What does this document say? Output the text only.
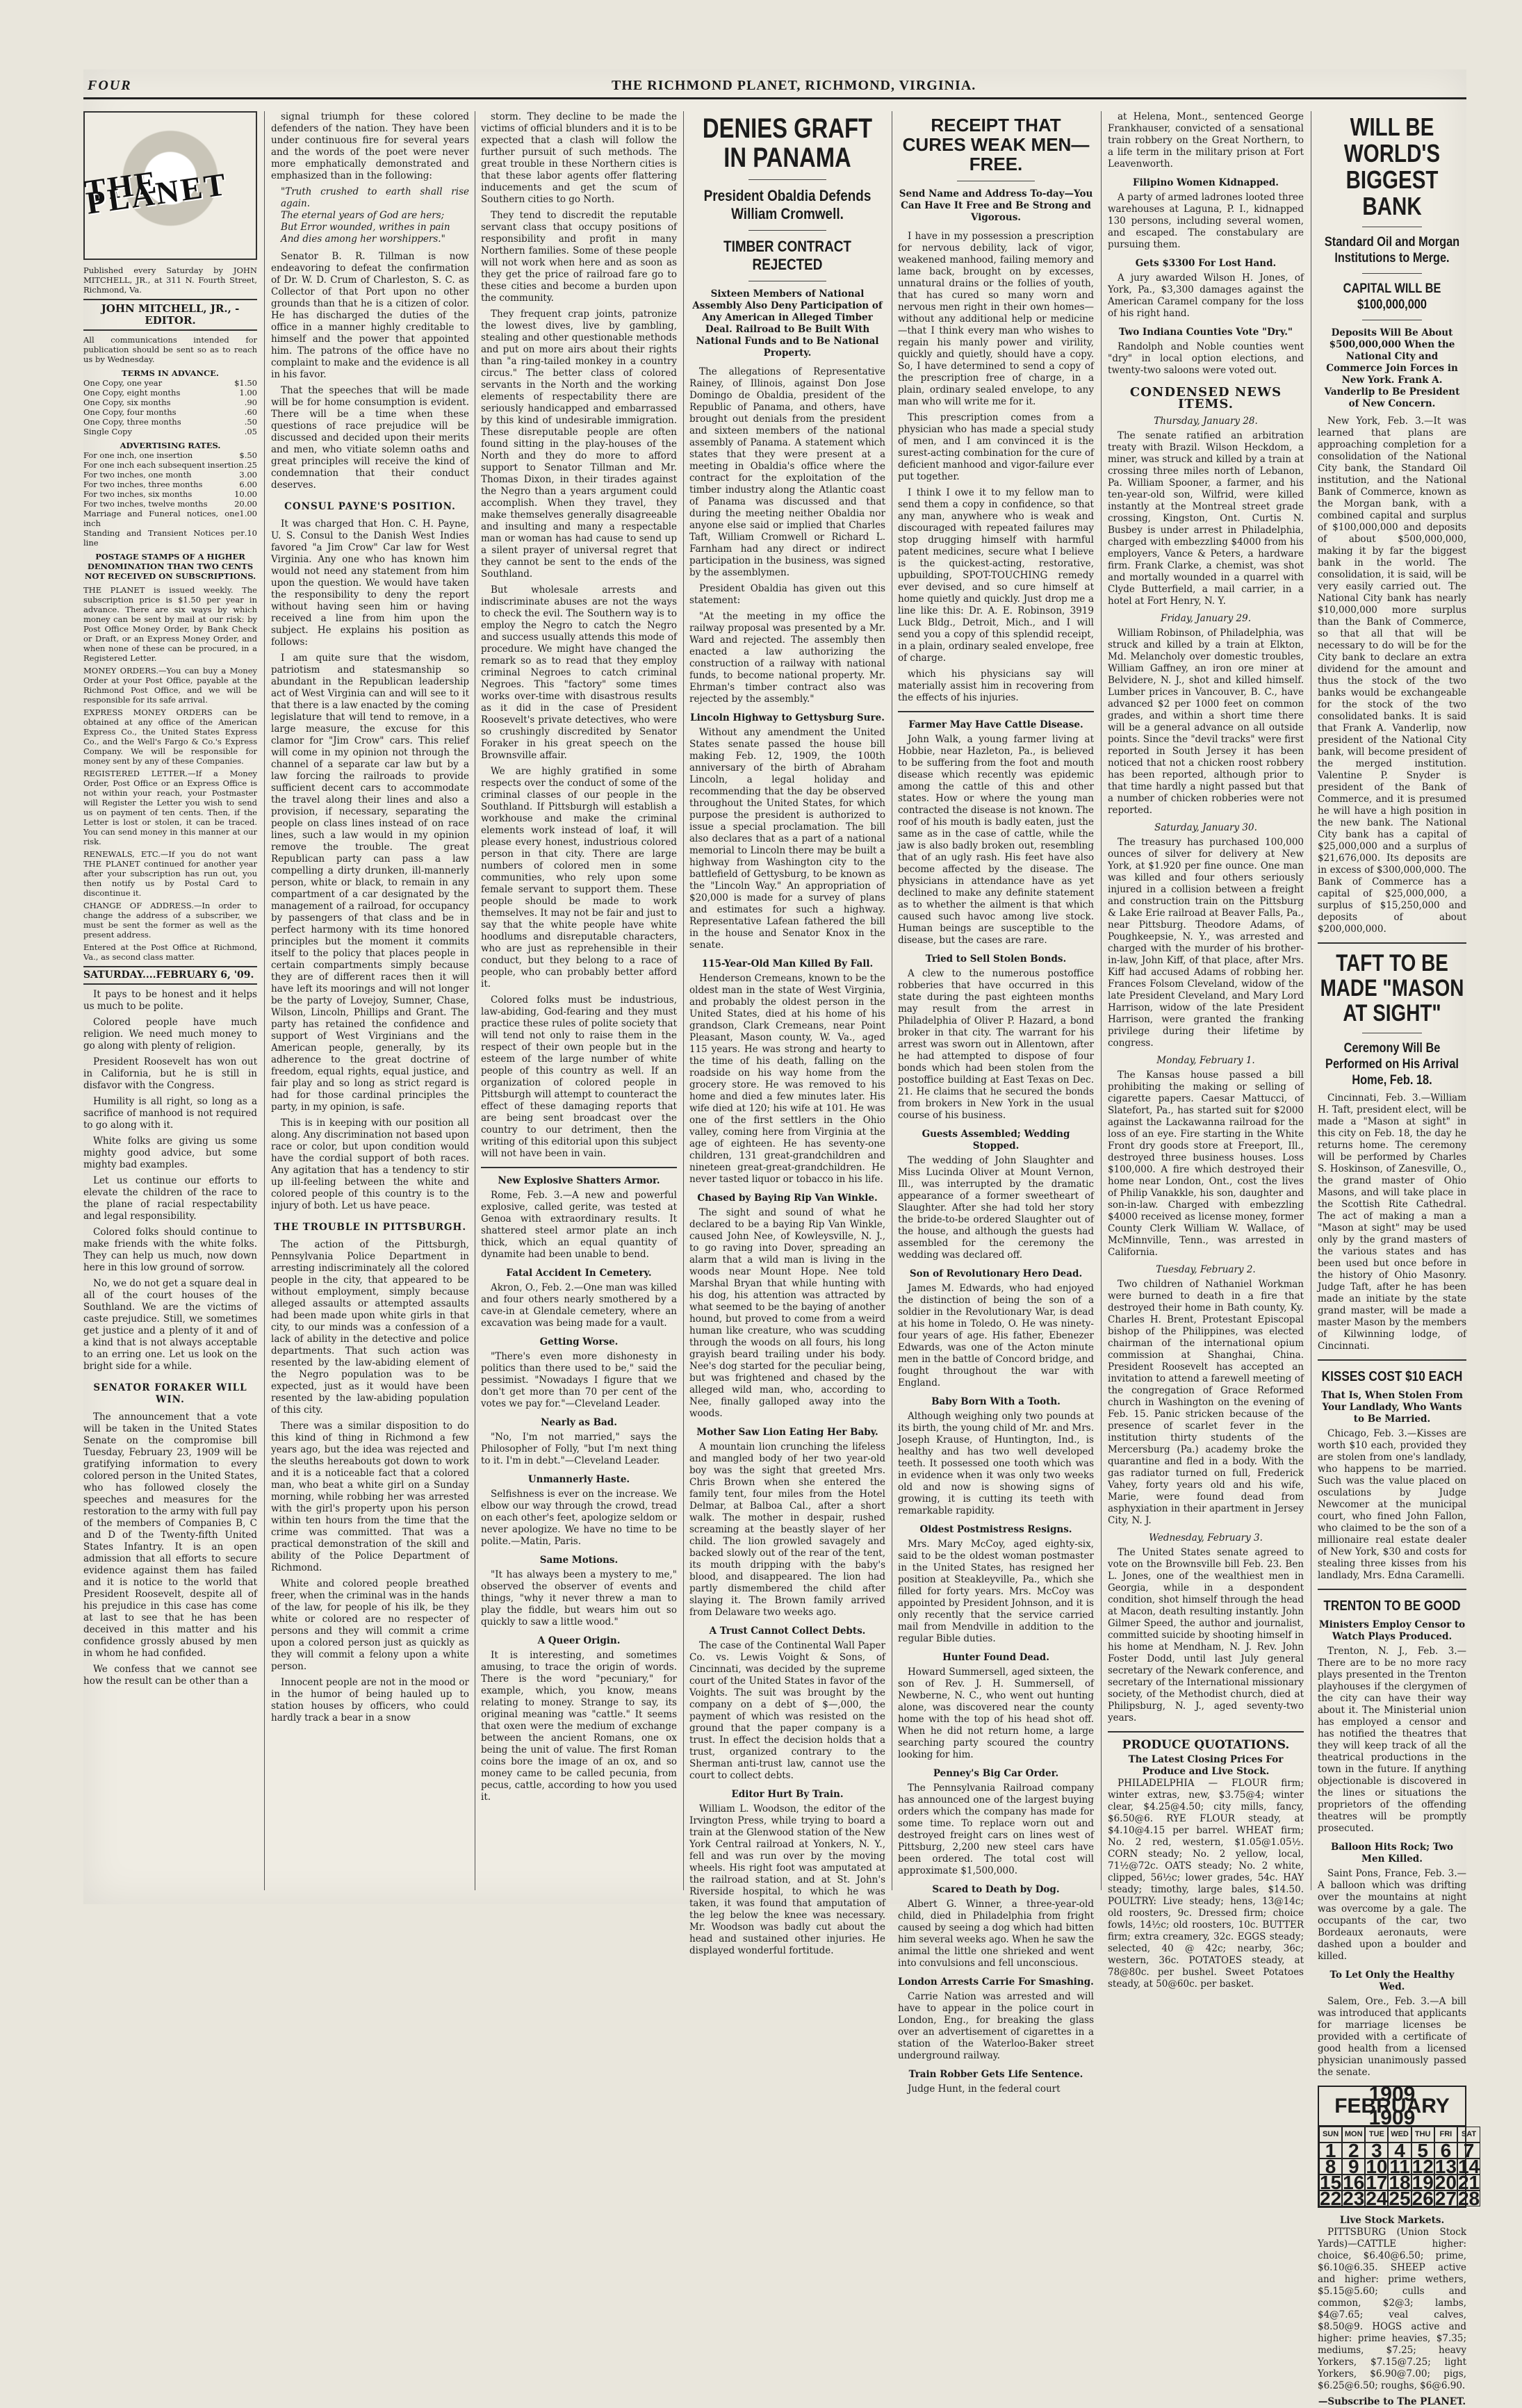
FOUR	THE RICHMOND PLANET, RICHMOND, VIRGINIA.
THE PLANET
Published every Saturday by JOHN MITCHELL, JR., at 311 N. Fourth Street, Richmond, Va.
JOHN MITCHELL, JR., - EDITOR.
All communications intended for publication should be sent so as to reach us by Wednesday.
TERMS IN ADVANCE.
One Copy, one year	$1.50
One Copy, eight months	1.00
One Copy, six months	.90
One Copy, four months	.60
One Copy, three months	.50
Single Copy	.05
ADVERTISING RATES.
For one inch, one insertion	$.50
For one inch each subsequent insertion .25
For two inches, one month	3.00
For two inches, three months	6.00
For two inches, six months	10.00
For two inches, twelve months	20.00
Marriage and Funeral notices, one inch
1.00
Standing and Transient Notices per line
.10
POSTAGE STAMPS OF A HIGHER DENOMINATION THAN TWO CENTS NOT RECEIVED ON SUBSCRIPTIONS.
THE PLANET is issued weekly. The subscription price is $1.50 per year in advance. There are six ways by which money can be sent by mail at our risk: by Post Office Money Order, by Bank Check or Draft, or an Express Money Order, and when none of these can be procured, in a Registered Letter.
MONEY ORDERS.—You can buy a Money Order at your Post Office, payable at the Richmond Post Office, and we will be responsible for its safe arrival.
EXPRESS MONEY ORDERS can be obtained at any office of the American Express Co., the United States Express Co., and the Well's Fargo & Co.'s Express Company. We will be responsible for money sent by any of these Companies.
REGISTERED LETTER.—If a Money Order, Post Office or an Express Office is not within your reach, your Postmaster will Register the Letter you wish to send us on payment of ten cents. Then, if the Letter is lost or stolen, it can be traced. You can send money in this manner at our risk.
RENEWALS, ETC.—If you do not want THE PLANET continued for another year after your subscription has run out, you then notify us by Postal Card to discontinue it.
CHANGE OF ADDRESS.—In order to change the address of a subscriber, we must be sent the former as well as the present address.
Entered at the Post Office at Richmond, Va., as second class matter.
SATURDAY....FEBRUARY 6, '09.

It pays to be honest and it helps us much to be polite.

Colored people have much religion. We need much money to go along with plenty of religion.

President Roosevelt has won out in California, but he is still in disfavor with the Congress.

Humility is all right, so long as a sacrifice of manhood is not required to go along with it.

White folks are giving us some mighty good advice, but some mighty bad examples.

Let us continue our efforts to elevate the children of the race to the plane of racial respectability and legal responsibility.

Colored folks should continue to make friends with the white folks. They can help us much, now down here in this low ground of sorrow.

No, we do not get a square deal in all of the court houses of the Southland. We are the victims of caste prejudice. Still, we sometimes get justice and a plenty of it and of a kind that is not always acceptable to an erring one. Let us look on the bright side for a while.

SENATOR FORAKER WILL WIN.

The announcement that a vote will be taken in the United States Senate on the compromise bill Tuesday, February 23, 1909 will be gratifying information to every colored person in the United States, who has followed closely the speeches and measures for the restoration to the army with full pay of the members of Companies B, C and D of the Twenty-fifth United States Infantry. It is an open admission that all efforts to secure evidence against them has failed and it is notice to the world that President Roosevelt, despite all of his prejudice in this case has come at last to see that he has been deceived in this matter and his confidence grossly abused by men in whom he had confided.

We confess that we cannot see how the result can be other than a

signal triumph for these colored defenders of the nation. They have been under continuous fire for several years and the words of the poet were never more emphatically demonstrated and emphasized than in the following:

"Truth crushed to earth shall rise again.
The eternal years of God are hers;
But Error wounded, writhes in pain
And dies among her worshippers."

Senator B. R. Tillman is now endeavoring to defeat the confirmation of Dr. W. D. Crum of Charleston, S. C. as Collector of that Port upon no other grounds than that he is a citizen of color. He has discharged the duties of the office in a manner highly creditable to himself and the power that appointed him. The patrons of the office have no complaint to make and the evidence is all in his favor.

That the speeches that will be made will be for home consumption is evident. There will be a time when these questions of race prejudice will be discussed and decided upon their merits and men, who vitiate solemn oaths and great principles will receive the kind of condemnation that their conduct deserves.

CONSUL PAYNE'S POSITION.

It was charged that Hon. C. H. Payne, U. S. Consul to the Danish West Indies favored "a Jim Crow" Car law for West Virginia. Any one who has known him would not need any statement from him upon the question. We would have taken the responsibility to deny the report without having seen him or having received a line from him upon the subject. He explains his position as follows:

I am quite sure that the wisdom, patriotism and statesmanship so abundant in the Republican leadership act of West Virginia can and will see to it that there is a law enacted by the coming legislature that will tend to remove, in a large measure, the excuse for this clamor for "Jim Crow" cars. This relief will come in my opinion not through the channel of a separate car law but by a law forcing the railroads to provide sufficient decent cars to accommodate the travel along their lines and also a provision, if necessary, separating the people on class lines instead of on race lines, such a law would in my opinion remove the trouble. The great Republican party can pass a law compelling a dirty drunken, ill-mannerly person, white or black, to remain in any compartment of a car designated by the management of a railroad, for occupancy by passengers of that class and be in perfect harmony with its time honored principles but the moment it commits itself to the policy that places people in certain compartments simply because they are of different races then it will have left its moorings and will not longer be the party of Lovejoy, Sumner, Chase, Wilson, Lincoln, Phillips and Grant. The party has retained the confidence and support of West Virginians and the American people, generally, by its adherence to the great doctrine of freedom, equal rights, equal justice, and fair play and so long as strict regard is had for those cardinal principles the party, in my opinion, is safe.

This is in keeping with our position all along. Any discrimination not based upon race or color, but upon condition would have the cordial support of both races. Any agitation that has a tendency to stir up ill-feeling between the white and colored people of this country is to the injury of both. Let us have peace.

THE TROUBLE IN PITTSBURGH.

The action of the Pittsburgh, Pennsylvania Police Department in arresting indiscriminately all the colored people in the city, that appeared to be without employment, simply because alleged assaults or attempted assaults had been made upon white girls in that city, to our minds was a confession of a lack of ability in the detective and police departments. That such action was resented by the law-abiding element of the Negro population was to be expected, just as it would have been resented by the law-abiding population of this city.

There was a similar disposition to do this kind of thing in Richmond a few years ago, but the idea was rejected and the sleuths hereabouts got down to work and it is a noticeable fact that a colored man, who beat a white girl on a Sunday morning, while robbing her was arrested with the girl's property upon his person within ten hours from the time that the crime was committed. That was a practical demonstration of the skill and ability of the Police Department of Richmond.

White and colored people breathed freer, when the criminal was in the hands of the law, for people of his ilk, be they white or colored are no respecter of persons and they will commit a crime upon a colored person just as quickly as they will commit a felony upon a white person.

Innocent people are not in the mood or in the humor of being hauled up to station houses by officers, who could hardly track a bear in a snow

storm. They decline to be made the victims of official blunders and it is to be expected that a clash will follow the further pursuit of such methods. The great trouble in these Northern cities is that these labor agents offer flattering inducements and get the scum of Southern cities to go North.

They tend to discredit the reputable servant class that occupy positions of responsibility and profit in many Northern families. Some of these people will not work when here and as soon as they get the price of railroad fare go to these cities and become a burden upon the community.

They frequent crap joints, patronize the lowest dives, live by gambling, stealing and other questionable methods and put on more airs about their rights than "a ring-tailed monkey in a country circus." The better class of colored servants in the North and the working elements of respectability there are seriously handicapped and embarrassed by this kind of undesirable immigration. These disreputable people are often found sitting in the play-houses of the North and they do more to afford support to Senator Tillman and Mr. Thomas Dixon, in their tirades against the Negro than a years argument could accomplish. When they travel, they make themselves generally disagreeable and insulting and many a respectable man or woman has had cause to send up a silent prayer of universal regret that they cannot be sent to the ends of the Southland.

But wholesale arrests and indiscriminate abuses are not the ways to check the evil. The Southern way is to employ the Negro to catch the Negro and success usually attends this mode of procedure. We might have changed the remark so as to read that they employ criminal Negroes to catch criminal Negroes. This "factory" some times works over-time with disastrous results as it did in the case of President Roosevelt's private detectives, who were so crushingly discredited by Senator Foraker in his great speech on the Brownsville affair.

We are highly gratified in some respects over the conduct of some of the criminal classes of our people in the Southland. If Pittsburgh will establish a workhouse and make the criminal elements work instead of loaf, it will please every honest, industrious colored person in that city. There are large numbers of colored men in some communities, who rely upon some female servant to support them. These people should be made to work themselves. It may not be fair and just to say that the white people have white hoodlums and disreputable characters, who are just as reprehensible in their conduct, but they belong to a race of people, who can probably better afford it.

Colored folks must be industrious, law-abiding, God-fearing and they must practice these rules of polite society that will tend not only to raise them in the respect of their own people but in the esteem of the large number of white people of this country as well. If an organization of colored people in Pittsburgh will attempt to counteract the effect of these damaging reports that are being sent broadcast over the country to our detriment, then the writing of this editorial upon this subject will not have been in vain.

New Explosive Shatters Armor.

Rome, Feb. 3.—A new and powerful explosive, called gerite, was tested at Genoa with extraordinary results. It shattered steel armor plate an inch thick, which an equal quantity of dynamite had been unable to bend.

Fatal Accident In Cemetery.

Akron, O., Feb. 2.—One man was killed and four others nearly smothered by a cave-in at Glendale cemetery, where an excavation was being made for a vault.

Getting Worse.

"There's even more dishonesty in politics than there used to be," said the pessimist. "Nowadays I figure that we don't get more than 70 per cent of the votes we pay for."—Cleveland Leader.

Nearly as Bad.

"No, I'm not married," says the Philosopher of Folly, "but I'm next thing to it. I'm in debt."—Cleveland Leader.

Unmannerly Haste.

Selfishness is ever on the increase. We elbow our way through the crowd, tread on each other's feet, apologize seldom or never apologize. We have no time to be polite.—Matin, Paris.

Same Motions.

"It has always been a mystery to me," observed the observer of events and things, "why it never threw a man to play the fiddle, but wears him out so quickly to saw a little wood."

A Queer Origin.

It is interesting, and sometimes amusing, to trace the origin of words. There is the word "pecuniary," for example, which, you know, means relating to money. Strange to say, its original meaning was "cattle." It seems that oxen were the medium of exchange between the ancient Romans, one ox being the unit of value. The first Roman coins bore the image of an ox, and so money came to be called pecunia, from pecus, cattle, according to how you used it.

DENIES GRAFT IN PANAMA
President Obaldia Defends William Cromwell.
TIMBER CONTRACT REJECTED
Sixteen Members of National Assembly Also Deny Participation of Any American in Alleged Timber Deal. Railroad to Be Built With National Funds and to Be National Property.

The allegations of Representative Rainey, of Illinois, against Don Jose Domingo de Obaldia, president of the Republic of Panama, and others, have brought out denials from the president and sixteen members of the national assembly of Panama. A statement which states that they were present at a meeting in Obaldia's office where the contract for the exploitation of the timber industry along the Atlantic coast of Panama was discussed and that during the meeting neither Obaldia nor anyone else said or implied that Charles Taft, William Cromwell or Richard L. Farnham had any direct or indirect participation in the business, was signed by the assemblymen.

President Obaldia has given out this statement:

"At the meeting in my office the railway proposal was presented by a Mr. Ward and rejected. The assembly then enacted a law authorizing the construction of a railway with national funds, to become national property. Mr. Ehrman's timber contract also was rejected by the assembly."

Lincoln Highway to Gettysburg Sure.

Without any amendment the United States senate passed the house bill making Feb. 12, 1909, the 100th anniversary of the birth of Abraham Lincoln, a legal holiday and recommending that the day be observed throughout the United States, for which purpose the president is authorized to issue a special proclamation. The bill also declares that as a part of a national memorial to Lincoln there may be built a highway from Washington city to the battlefield of Gettysburg, to be known as the "Lincoln Way." An appropriation of $20,000 is made for a survey of plans and estimates for such a highway. Representative Lafean fathered the bill in the house and Senator Knox in the senate.

115-Year-Old Man Killed By Fall.

Henderson Cremeans, known to be the oldest man in the state of West Virginia, and probably the oldest person in the United States, died at his home of his grandson, Clark Cremeans, near Point Pleasant, Mason county, W. Va., aged 115 years. He was strong and hearty to the time of his death, falling on the roadside on his way home from the grocery store. He was removed to his home and died a few minutes later. His wife died at 120; his wife at 101. He was one of the first settlers in the Ohio valley, coming here from Virginia at the age of eighteen. He has seventy-one children, 131 great-grandchildren and nineteen great-great-grandchildren. He never tasted liquor or tobacco in his life.

Chased by Baying Rip Van Winkle.

The sight and sound of what he declared to be a baying Rip Van Winkle, caused John Nee, of Kowleysville, N. J., to go raving into Dover, spreading an alarm that a wild man is living in the woods near Mount Hope. Nee told Marshal Bryan that while hunting with his dog, his attention was attracted by what seemed to be the baying of another hound, but proved to come from a weird human like creature, who was scudding through the woods on all fours, his long grayish beard trailing under his body. Nee's dog started for the peculiar being, but was frightened and chased by the alleged wild man, who, according to Nee, finally galloped away into the woods.

Mother Saw Lion Eating Her Baby.

A mountain lion crunching the lifeless and mangled body of her two year-old boy was the sight that greeted Mrs. Chris Brown when she entered the family tent, four miles from the Hotel Delmar, at Balboa Cal., after a short walk. The mother in despair, rushed screaming at the beastly slayer of her child. The lion growled savagely and backed slowly out of the rear of the tent, its mouth dripping with the baby's blood, and disappeared. The lion had partly dismembered the child after slaying it. The Brown family arrived from Delaware two weeks ago.

A Trust Cannot Collect Debts.

The case of the Continental Wall Paper Co. vs. Lewis Voight & Sons, of Cincinnati, was decided by the supreme court of the United States in favor of the Voights. The suit was brought by the company on a debt of $—,000, the payment of which was resisted on the ground that the paper company is a trust. In effect the decision holds that a trust, organized contrary to the Sherman anti-trust law, cannot use the court to collect debts.

Editor Hurt By Train.

William L. Woodson, the editor of the Irvington Press, while trying to board a train at the Glenwood station of the New York Central railroad at Yonkers, N. Y., fell and was run over by the moving wheels. His right foot was amputated at the railroad station, and at St. John's Riverside hospital, to which he was taken, it was found that amputation of the leg below the knee was necessary. Mr. Woodson was badly cut about the head and sustained other injuries. He displayed wonderful fortitude.

RECEIPT THAT CURES WEAK MEN—FREE.
Send Name and Address To-day—You Can Have It Free and Be Strong and Vigorous.

I have in my possession a prescription for nervous debility, lack of vigor, weakened manhood, failing memory and lame back, brought on by excesses, unnatural drains or the follies of youth, that has cured so many worn and nervous men right in their own homes—without any additional help or medicine—that I think every man who wishes to regain his manly power and virility, quickly and quietly, should have a copy. So, I have determined to send a copy of the prescription free of charge, in a plain, ordinary sealed envelope, to any man who will write me for it.

This prescription comes from a physician who has made a special study of men, and I am convinced it is the surest-acting combination for the cure of deficient manhood and vigor-failure ever put together.

I think I owe it to my fellow man to send them a copy in confidence, so that any man, anywhere who is weak and discouraged with repeated failures may stop drugging himself with harmful patent medicines, secure what I believe is the quickest-acting, restorative, upbuilding, SPOT-TOUCHING remedy ever devised, and so cure himself at home quietly and quickly. Just drop me a line like this: Dr. A. E. Robinson, 3919 Luck Bldg., Detroit, Mich., and I will send you a copy of this splendid receipt, in a plain, ordinary sealed envelope, free of charge.

which his physicians say will materially assist him in recovering from the effects of his injuries.

Farmer May Have Cattle Disease.

John Walk, a young farmer living at Hobbie, near Hazleton, Pa., is believed to be suffering from the foot and mouth disease which recently was epidemic among the cattle of this and other states. How or where the young man contracted the disease is not known. The roof of his mouth is badly eaten, just the same as in the case of cattle, while the jaw is also badly broken out, resembling that of an ugly rash. His feet have also become affected by the disease. The physicians in attendance have as yet declined to make any definite statement as to whether the ailment is that which caused such havoc among live stock. Human beings are susceptible to the disease, but the cases are rare.

Tried to Sell Stolen Bonds.

A clew to the numerous postoffice robberies that have occurred in this state during the past eighteen months may result from the arrest in Philadelphia of Oliver P. Hazard, a bond broker in that city. The warrant for his arrest was sworn out in Allentown, after he had attempted to dispose of four bonds which had been stolen from the postoffice building at East Texas on Dec. 21. He claims that he secured the bonds from brokers in New York in the usual course of his business.

Guests Assembled; Wedding Stopped.

The wedding of John Slaughter and Miss Lucinda Oliver at Mount Vernon, Ill., was interrupted by the dramatic appearance of a former sweetheart of Slaughter. After she had told her story the bride-to-be ordered Slaughter out of the house, and although the guests had assembled for the ceremony the wedding was declared off.

Son of Revolutionary Hero Dead.

James M. Edwards, who had enjoyed the distinction of being the son of a soldier in the Revolutionary War, is dead at his home in Toledo, O. He was ninety-four years of age. His father, Ebenezer Edwards, was one of the Acton minute men in the battle of Concord bridge, and fought throughout the war with England.

Baby Born With a Tooth.

Although weighing only two pounds at its birth, the young child of Mr. and Mrs. Joseph Krause, of Huntington, Ind., is healthy and has two well developed teeth. It possessed one tooth which was in evidence when it was only two weeks old and now is showing signs of growing, it is cutting its teeth with remarkable rapidity.

Oldest Postmistress Resigns.

Mrs. Mary McCoy, aged eighty-six, said to be the oldest woman postmaster in the United States, has resigned her position at Steakleyville, Pa., which she filled for forty years. Mrs. McCoy was appointed by President Johnson, and it is only recently that the service carried mail from Mendville in addition to the regular Bible duties.

Hunter Found Dead.

Howard Summersell, aged sixteen, the son of Rev. J. H. Summersell, of Newberne, N. C., who went out hunting alone, was discovered near the county home with the top of his head shot off. When he did not return home, a large searching party scoured the country looking for him.

Penney's Big Car Order.

The Pennsylvania Railroad company has announced one of the largest buying orders which the company has made for some time. To replace worn out and destroyed freight cars on lines west of Pittsburg, 2,200 new steel cars have been ordered. The total cost will approximate $1,500,000.

Scared to Death by Dog.

Albert G. Winner, a three-year-old child, died in Philadelphia from fright caused by seeing a dog which had bitten him several weeks ago. When he saw the animal the little one shrieked and went into convulsions and fell unconscious.

London Arrests Carrie For Smashing.

Carrie Nation was arrested and will have to appear in the police court in London, Eng., for breaking the glass over an advertisement of cigarettes in a station of the Waterloo-Baker street underground railway.

Train Robber Gets Life Sentence.

Judge Hunt, in the federal court

at Helena, Mont., sentenced George Frankhauser, convicted of a sensational train robbery on the Great Northern, to a life term in the military prison at Fort Leavenworth.

Filipino Women Kidnapped.

A party of armed ladrones looted three warehouses at Laguna, P. I., kidnapped 130 persons, including several women, and escaped. The constabulary are pursuing them.

Gets $3300 For Lost Hand.

A jury awarded Wilson H. Jones, of York, Pa., $3,300 damages against the American Caramel company for the loss of his right hand.

Two Indiana Counties Vote "Dry."

Randolph and Noble counties went "dry" in local option elections, and twenty-two saloons were voted out.

CONDENSED NEWS ITEMS.
Thursday, January 28.

The senate ratified an arbitration treaty with Brazil. Wilson Heckdom, a miner, was struck and killed by a train at crossing three miles north of Lebanon, Pa. William Spooner, a farmer, and his ten-year-old son, Wilfrid, were killed instantly at the Montreal street grade crossing, Kingston, Ont. Curtis N. Busbey is under arrest in Philadelphia, charged with embezzling $4000 from his employers, Vance & Peters, a hardware firm. Frank Clarke, a chemist, was shot and mortally wounded in a quarrel with Clyde Butterfield, a mail carrier, in a hotel at Fort Henry, N. Y.

Friday, January 29.

William Robinson, of Philadelphia, was struck and killed by a train at Elkton, Md. Melancholy over domestic troubles, William Gaffney, an iron ore miner at Belvidere, N. J., shot and killed himself. Lumber prices in Vancouver, B. C., have advanced $2 per 1000 feet on common grades, and within a short time there will be a general advance on all outside points. Since the "devil tracks" were first reported in South Jersey it has been noticed that not a chicken roost robbery has been reported, although prior to that time hardly a night passed but that a number of chicken robberies were not reported.

Saturday, January 30.

The treasury has purchased 100,000 ounces of silver for delivery at New York, at $1.920 per fine ounce. One man was killed and four others seriously injured in a collision between a freight and construction train on the Pittsburg & Lake Erie railroad at Beaver Falls, Pa., near Pittsburg. Theodore Adams, of Poughkeepsie, N. Y., was arrested and charged with the murder of his brother-in-law, John Kiff, of that place, after Mrs. Kiff had accused Adams of robbing her. Frances Folsom Cleveland, widow of the late President Cleveland, and Mary Lord Harrison, widow of the late President Harrison, were granted the franking privilege during their lifetime by congress.

Monday, February 1.

The Kansas house passed a bill prohibiting the making or selling of cigarette papers. Caesar Mattucci, of Slatefort, Pa., has started suit for $2000 against the Lackawanna railroad for the loss of an eye. Fire starting in the White Front dry goods store at Freeport, Ill., destroyed three business houses. Loss $100,000. A fire which destroyed their home near London, Ont., cost the lives of Philip Vanakkle, his son, daughter and son-in-law. Charged with embezzling $4000 received as license money, former County Clerk William W. Wallace, of McMinnville, Tenn., was arrested in California.

Tuesday, February 2.

Two children of Nathaniel Workman were burned to death in a fire that destroyed their home in Bath county, Ky. Charles H. Brent, Protestant Episcopal bishop of the Philippines, was elected chairman of the international opium commission at Shanghai, China. President Roosevelt has accepted an invitation to attend a farewell meeting of the congregation of Grace Reformed church in Washington on the evening of Feb. 15. Panic stricken because of the presence of scarlet fever in the institution thirty students of the Mercersburg (Pa.) academy broke the quarantine and fled in a body. With the gas radiator turned on full, Frederick Vahey, forty years old and his wife, Marie, were found dead from asphyxiation in their apartment in Jersey City, N. J.

Wednesday, February 3.

The United States senate agreed to vote on the Brownsville bill Feb. 23. Ben L. Jones, one of the wealthiest men in Georgia, while in a despondent condition, shot himself through the head at Macon, death resulting instantly. John Gilmer Speed, the author and journalist, committed suicide by shooting himself in his home at Mendham, N. J. Rev. John Foster Dodd, until last July general secretary of the Newark conference, and secretary of the International missionary society, of the Methodist church, died at Philipsburg, N. J., aged seventy-two years.

PRODUCE QUOTATIONS.
The Latest Closing Prices For Produce and Live Stock.

PHILADELPHIA — FLOUR firm; winter extras, new, $3.75@4; winter clear, $4.25@4.50; city mills, fancy, $6.50@6. RYE FLOUR steady, at $4.10@4.15 per barrel. WHEAT firm; No. 2 red, western, $1.05@1.05½. CORN steady; No. 2 yellow, local, 71½@72c. OATS steady; No. 2 white, clipped, 56½c; lower grades, 54c. HAY steady; timothy, large bales, $14.50. POULTRY: Live steady; hens, 13@14c; old roosters, 9c. Dressed firm; choice fowls, 14½c; old roosters, 10c. BUTTER firm; extra creamery, 32c. EGGS steady; selected, 40 @ 42c; nearby, 36c; western, 36c. POTATOES steady, at 78@80c. per bushel. Sweet Potatoes steady, at 50@60c. per basket.

WILL BE WORLD'S BIGGEST BANK
Standard Oil and Morgan Institutions to Merge.
CAPITAL WILL BE $100,000,000
Deposits Will Be About $500,000,000 When the National City and Commerce Join Forces in New York. Frank A. Vanderlip to Be President of New Concern.

New York, Feb. 3.—It was learned that plans are approaching completion for a consolidation of the National City bank, the Standard Oil institution, and the National Bank of Commerce, known as the Morgan bank, with a combined capital and surplus of $100,000,000 and deposits of about $500,000,000, making it by far the biggest bank in the world. The consolidation, it is said, will be very easily carried out. The National City bank has nearly $10,000,000 more surplus than the Bank of Commerce, so that all that will be necessary to do will be for the City bank to declare an extra dividend for the amount and thus the stock of the two banks would be exchangeable for the stock of the two consolidated banks. It is said that Frank A. Vanderlip, now president of the National City bank, will become president of the merged institution. Valentine P. Snyder is president of the Bank of Commerce, and it is presumed he will have a high position in the new bank. The National City bank has a capital of $25,000,000 and a surplus of $21,676,000. Its deposits are in excess of $300,000,000. The Bank of Commerce has a capital of $25,000,000, a surplus of $15,250,000 and deposits of about $200,000,000.

TAFT TO BE MADE "MASON AT SIGHT"
Ceremony Will Be Performed on His Arrival Home, Feb. 18.

Cincinnati, Feb. 3.—William H. Taft, president elect, will be made a "Mason at sight" in this city on Feb. 18, the day he returns home. The ceremony will be performed by Charles S. Hoskinson, of Zanesville, O., the grand master of Ohio Masons, and will take place in the Scottish Rite Cathedral. The act of making a man a "Mason at sight" may be used only by the grand masters of the various states and has been used but once before in the history of Ohio Masonry. Judge Taft, after he has been made an initiate by the state grand master, will be made a master Mason by the members of Kilwinning lodge, of Cincinnati.

KISSES COST $10 EACH
That Is, When Stolen From Your Landlady, Who Wants to Be Married.

Chicago, Feb. 3.—Kisses are worth $10 each, provided they are stolen from one's landlady, who happens to be married. Such was the value placed on osculations by Judge Newcomer at the municipal court, who fined John Fallon, who claimed to be the son of a millionaire real estate dealer of New York, $30 and costs for stealing three kisses from his landlady, Mrs. Edna Caramelli.

TRENTON TO BE GOOD
Ministers Employ Censor to Watch Plays Produced.

Trenton, N. J., Feb. 3.—There are to be no more racy plays presented in the Trenton playhouses if the clergymen of the city can have their way about it. The Ministerial union has employed a censor and has notified the theatres that they will keep track of all the theatrical productions in the town in the future. If anything objectionable is discovered in the lines or situations the proprietors of the offending theatres will be promptly prosecuted.

Balloon Hits Rock; Two Men Killed.

Saint Pons, France, Feb. 3.—A balloon which was drifting over the mountains at night was overcome by a gale. The occupants of the car, two Bordeaux aeronauts, were dashed upon a boulder and killed.

To Let Only the Healthy Wed.

Salem, Ore., Feb. 3.—A bill was introduced that applicants for marriage licenses be provided with a certificate of good health from a licensed physician unanimously passed the senate.

1909 FEBRUARY 1909
SUN MON TUE WED THU	FRI	SAT
1 2 3 4 5 6 7
8 9 10 11 12 13 14
15 16 17 18 19 20 21
22 23 24 25 26 27 28
Live Stock Markets.

PITTSBURG (Union Stock Yards)—CATTLE higher: choice, $6.40@6.50; prime, $6.10@6.35. SHEEP active and higher: prime wethers, $5.15@5.60; culls and common, $2@3; lambs, $4@7.65; veal calves, $8.50@9. HOGS active and higher: prime heavies, $7.35; mediums, $7.25; heavy Yorkers, $7.15@7.25; light Yorkers, $6.90@7.00; pigs, $6.25@6.50; roughs, $6@6.90.

—Subscribe to The PLANET.
